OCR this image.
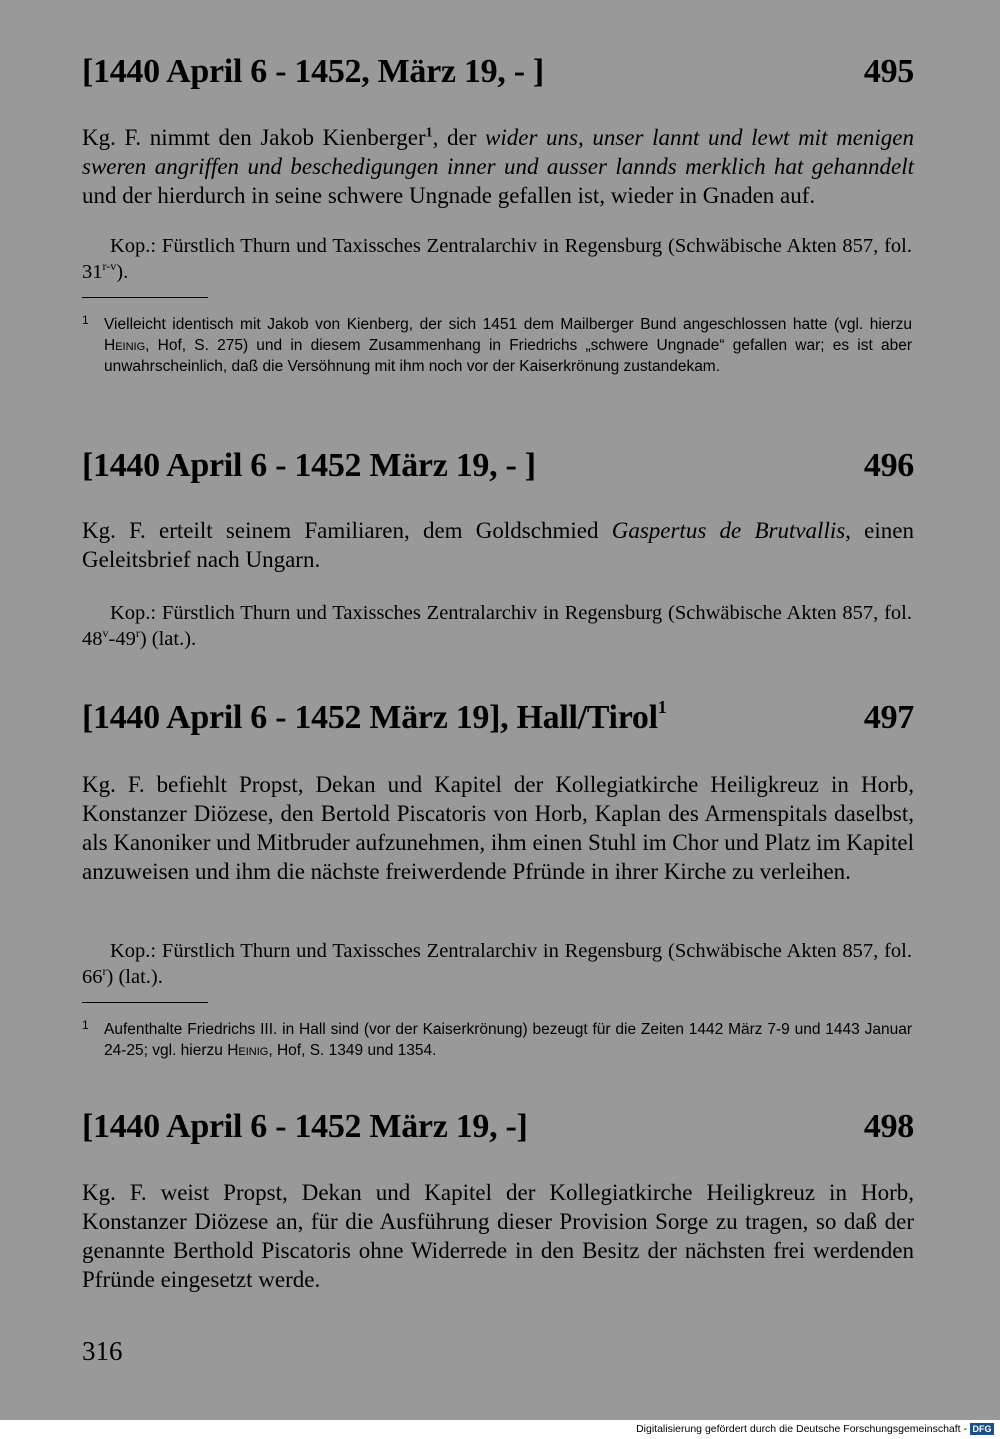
[1440 April 6 - 1452, März 19, - ]	495
Kg. F. nimmt den Jakob Kienberger$^1$, der wider uns, unser lannt und lewt mit menigen sweren angriffen und beschedigungen inner und ausser lannds merklich hat gehanndelt und der hierdurch in seine schwere Ungnade gefallen ist, wieder in Gnaden auf.
Kop.: Fürstlich Thurn und Taxissches Zentralarchiv in Regensburg (Schwäbische Akten 857, fol. 31$^{r-v}$).
1 Vielleicht identisch mit Jakob von Kienberg, der sich 1451 dem Mailberger Bund angeschlossen hatte (vgl. hierzu Heinig, Hof, S. 275) und in diesem Zusammenhang in Friedrichs „schwere Ungnade“ gefallen war; es ist aber unwahrscheinlich, daß die Versöhnung mit ihm noch vor der Kaiserkrönung zustandekam.
[1440 April 6 - 1452 März 19, - ]	496
Kg. F. erteilt seinem Familiaren, dem Goldschmied Gaspertus de Brutvallis, einen Geleitsbrief nach Ungarn.
Kop.: Fürstlich Thurn und Taxissches Zentralarchiv in Regensburg (Schwäbische Akten 857, fol. 48$^v$-49$^r$) (lat.).
[1440 April 6 - 1452 März 19], Hall/Tirol$^1$	497
Kg. F. befiehlt Propst, Dekan und Kapitel der Kollegiatkirche Heiligkreuz in Horb, Konstanzer Diözese, den Bertold Piscatoris von Horb, Kaplan des Armenspitals daselbst, als Kanoniker und Mitbruder aufzunehmen, ihm einen Stuhl im Chor und Platz im Kapitel anzuweisen und ihm die nächste freiwerdende Pfründe in ihrer Kirche zu verleihen.
Kop.: Fürstlich Thurn und Taxissches Zentralarchiv in Regensburg (Schwäbische Akten 857, fol. 66$^r$) (lat.).
1 Aufenthalte Friedrichs III. in Hall sind (vor der Kaiserkrönung) bezeugt für die Zeiten 1442 März 7-9 und 1443 Januar 24-25; vgl. hierzu Heinig, Hof, S. 1349 und 1354.
[1440 April 6 - 1452 März 19, -]	498
Kg. F. weist Propst, Dekan und Kapitel der Kollegiatkirche Heiligkreuz in Horb, Konstanzer Diözese an, für die Ausführung dieser Provision Sorge zu tragen, so daß der genannte Berthold Piscatoris ohne Widerrede in den Besitz der nächsten frei werdenden Pfründe eingesetzt werde.
316
Digitalisierung gefördert durch die Deutsche Forschungsgemeinschaft - DFG
